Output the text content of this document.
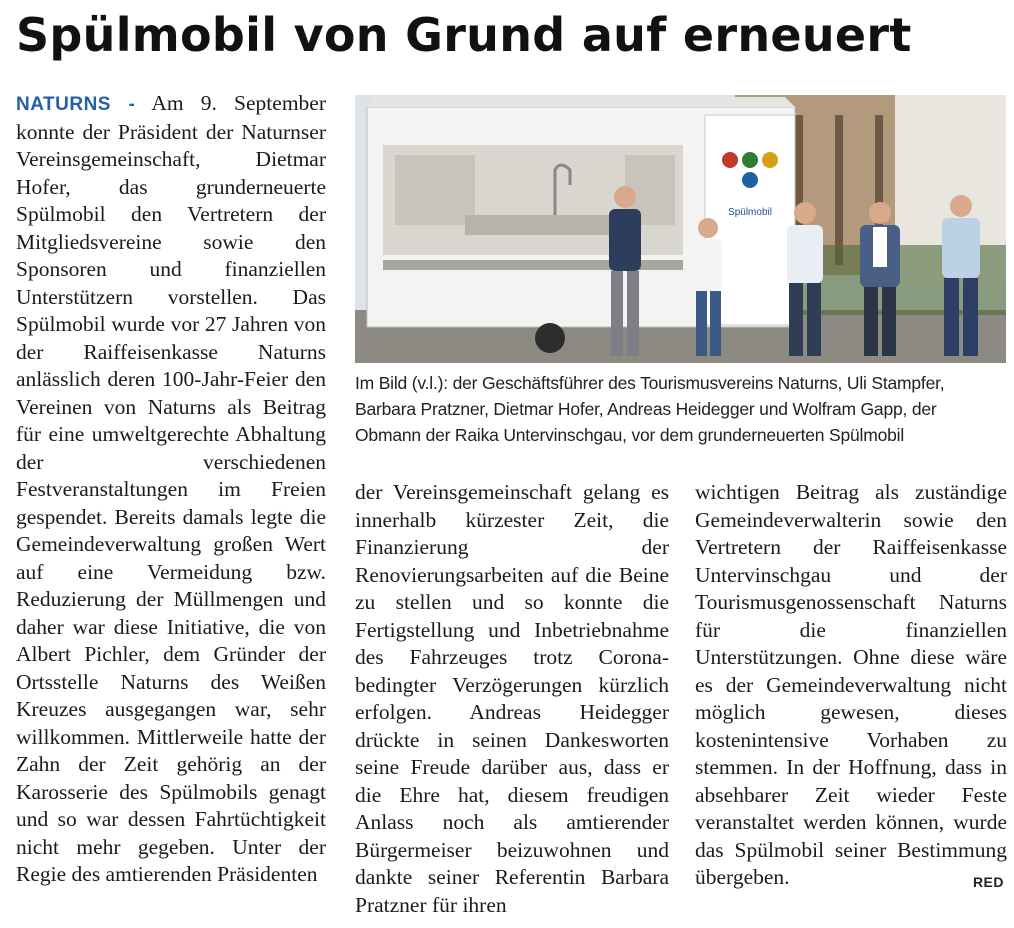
Spülmobil von Grund auf erneuert

NATURNS - Am 9. September konnte der Präsident der Naturnser Vereinsgemeinschaft, Dietmar Hofer, das grunderneuerte Spülmobil den Vertretern der Mitgliedsvereine sowie den Sponsoren und finanziellen Unterstützern vorstellen. Das Spülmobil wurde vor 27 Jahren von der Raiffeisenkasse Naturns anlässlich deren 100-Jahr-Feier den Vereinen von Naturns als Beitrag für eine umweltgerechte Abhaltung der verschiedenen Festveranstaltungen im Freien gespendet. Bereits damals legte die Gemeindeverwaltung großen Wert auf eine Vermeidung bzw. Reduzierung der Müllmengen und daher war diese Initiative, die von Albert Pichler, dem Gründer der Ortsstelle Naturns des Weißen Kreuzes ausgegangen war, sehr willkommen. Mittlerweile hatte der Zahn der Zeit gehörig an der Karosserie des Spülmobils genagt und so war dessen Fahrtüchtigkeit nicht mehr gegeben. Unter der Regie des amtierenden Präsidenten

Spülmobil
Im Bild (v.l.): der Geschäftsführer des Tourismusvereins Naturns, Uli Stampfer, Barbara Pratzner, Dietmar Hofer, Andreas Heidegger und Wolfram Gapp, der Obmann der Raika Untervinschgau, vor dem grunderneuerten Spülmobil

der Vereinsgemeinschaft gelang es innerhalb kürzester Zeit, die Finanzierung der Renovierungsarbeiten auf die Beine zu stellen und so konnte die Fertigstellung und Inbetriebnahme des Fahrzeuges trotz Corona-bedingter Verzögerungen kürzlich erfolgen. Andreas Heidegger drückte in seinen Dankesworten seine Freude darüber aus, dass er die Ehre hat, diesem freudigen Anlass noch als amtierender Bürgermeiser beizuwohnen und dankte seiner Referentin Barbara Pratzner für ihren

wichtigen Beitrag als zuständige Gemeindeverwalterin sowie den Vertretern der Raiffeisenkasse Untervinschgau und der Tourismusgenossenschaft Naturns für die finanziellen Unterstützungen. Ohne diese wäre es der Gemeindeverwaltung nicht möglich gewesen, dieses kostenintensive Vorhaben zu stemmen. In der Hoffnung, dass in absehbarer Zeit wieder Feste veranstaltet werden können, wurde das Spülmobil seiner Bestimmung übergeben.	RED
